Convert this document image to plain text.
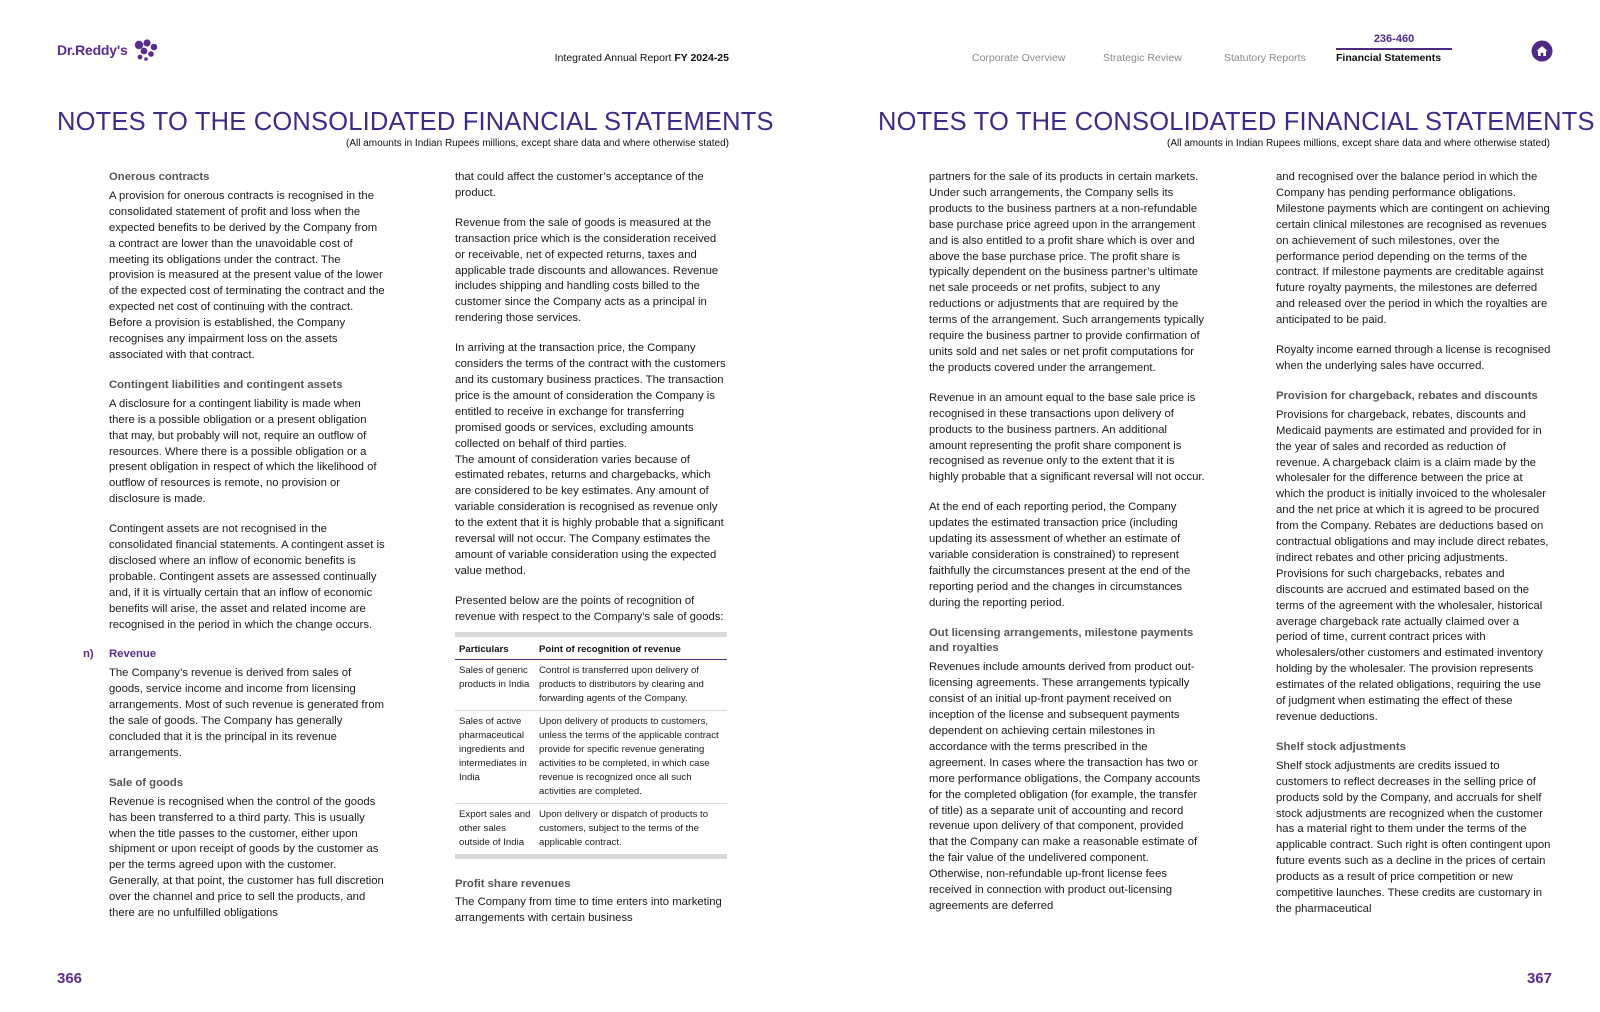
Dr.Reddy's	Integrated Annual Report FY 2024-25	Corporate Overview	Strategic Review	Statutory Reports
236-460
Financial Statements
NOTES TO THE CONSOLIDATED FINANCIAL STATEMENTS
(All amounts in Indian Rupees millions, except share data and where otherwise stated)
NOTES TO THE CONSOLIDATED FINANCIAL STATEMENTS
(All amounts in Indian Rupees millions, except share data and where otherwise stated)
Onerous contracts

A provision for onerous contracts is recognised in the consolidated statement of profit and loss when the expected benefits to be derived by the Company from a contract are lower than the unavoidable cost of meeting its obligations under the contract. The provision is measured at the present value of the lower of the expected cost of terminating the contract and the expected net cost of continuing with the contract. Before a provision is established, the Company recognises any impairment loss on the assets associated with that contract.

Contingent liabilities and contingent assets

A disclosure for a contingent liability is made when there is a possible obligation or a present obligation that may, but probably will not, require an outflow of resources. Where there is a possible obligation or a present obligation in respect of which the likelihood of outflow of resources is remote, no provision or disclosure is made.

Contingent assets are not recognised in the consolidated financial statements. A contingent asset is disclosed where an inflow of economic benefits is probable. Contingent assets are assessed continually and, if it is virtually certain that an inflow of economic benefits will arise, the asset and related income are recognised in the period in which the change occurs.

n) Revenue

The Company’s revenue is derived from sales of goods, service income and income from licensing arrangements. Most of such revenue is generated from the sale of goods. The Company has generally concluded that it is the principal in its revenue arrangements.

Sale of goods

Revenue is recognised when the control of the goods has been transferred to a third party. This is usually when the title passes to the customer, either upon shipment or upon receipt of goods by the customer as per the terms agreed upon with the customer. Generally, at that point, the customer has full discretion over the channel and price to sell the products, and there are no unfulfilled obligations

that could affect the customer’s acceptance of the product.

Revenue from the sale of goods is measured at the transaction price which is the consideration received or receivable, net of expected returns, taxes and applicable trade discounts and allowances. Revenue includes shipping and handling costs billed to the customer since the Company acts as a principal in rendering those services.

In arriving at the transaction price, the Company considers the terms of the contract with the customers and its customary business practices. The transaction price is the amount of consideration the Company is entitled to receive in exchange for transferring promised goods or services, excluding amounts collected on behalf of third parties.

The amount of consideration varies because of estimated rebates, returns and chargebacks, which are considered to be key estimates. Any amount of variable consideration is recognised as revenue only to the extent that it is highly probable that a significant reversal will not occur. The Company estimates the amount of variable consideration using the expected value method.

Presented below are the points of recognition of revenue with respect to the Company’s sale of goods:

Particulars	Point of recognition of revenue
Sales of generic products in India	Control is transferred upon delivery of products to distributors by clearing and forwarding agents of the Company.
Sales of active pharmaceutical ingredients and intermediates in India	Upon delivery of products to customers, unless the terms of the applicable contract provide for specific revenue generating activities to be completed, in which case revenue is recognized once all such activities are completed.
Export sales and other sales outside of India	Upon delivery or dispatch of products to customers, subject to the terms of the applicable contract.
Profit share revenues

The Company from time to time enters into marketing arrangements with certain business

partners for the sale of its products in certain markets. Under such arrangements, the Company sells its products to the business partners at a non-refundable base purchase price agreed upon in the arrangement and is also entitled to a profit share which is over and above the base purchase price. The profit share is typically dependent on the business partner’s ultimate net sale proceeds or net profits, subject to any reductions or adjustments that are required by the terms of the arrangement. Such arrangements typically require the business partner to provide confirmation of units sold and net sales or net profit computations for the products covered under the arrangement.

Revenue in an amount equal to the base sale price is recognised in these transactions upon delivery of products to the business partners. An additional amount representing the profit share component is recognised as revenue only to the extent that it is highly probable that a significant reversal will not occur.

At the end of each reporting period, the Company updates the estimated transaction price (including updating its assessment of whether an estimate of variable consideration is constrained) to represent faithfully the circumstances present at the end of the reporting period and the changes in circumstances during the reporting period.

Out licensing arrangements, milestone payments and royalties

Revenues include amounts derived from product out-licensing agreements. These arrangements typically consist of an initial up-front payment received on inception of the license and subsequent payments dependent on achieving certain milestones in accordance with the terms prescribed in the agreement. In cases where the transaction has two or more performance obligations, the Company accounts for the completed obligation (for example, the transfer of title) as a separate unit of accounting and record revenue upon delivery of that component, provided that the Company can make a reasonable estimate of the fair value of the undelivered component. Otherwise, non-refundable up-front license fees received in connection with product out-licensing agreements are deferred

and recognised over the balance period in which the Company has pending performance obligations. Milestone payments which are contingent on achieving certain clinical milestones are recognised as revenues on achievement of such milestones, over the performance period depending on the terms of the contract. If milestone payments are creditable against future royalty payments, the milestones are deferred and released over the period in which the royalties are anticipated to be paid.

Royalty income earned through a license is recognised when the underlying sales have occurred.

Provision for chargeback, rebates and discounts

Provisions for chargeback, rebates, discounts and Medicaid payments are estimated and provided for in the year of sales and recorded as reduction of revenue. A chargeback claim is a claim made by the wholesaler for the difference between the price at which the product is initially invoiced to the wholesaler and the net price at which it is agreed to be procured from the Company. Rebates are deductions based on contractual obligations and may include direct rebates, indirect rebates and other pricing adjustments. Provisions for such chargebacks, rebates and discounts are accrued and estimated based on the terms of the agreement with the wholesaler, historical average chargeback rate actually claimed over a period of time, current contract prices with wholesalers/other customers and estimated inventory holding by the wholesaler. The provision represents estimates of the related obligations, requiring the use of judgment when estimating the effect of these revenue deductions.

Shelf stock adjustments

Shelf stock adjustments are credits issued to customers to reflect decreases in the selling price of products sold by the Company, and accruals for shelf stock adjustments are recognized when the customer has a material right to them under the terms of the applicable contract. Such right is often contingent upon future events such as a decline in the prices of certain products as a result of price competition or new competitive launches. These credits are customary in the pharmaceutical

366	367
